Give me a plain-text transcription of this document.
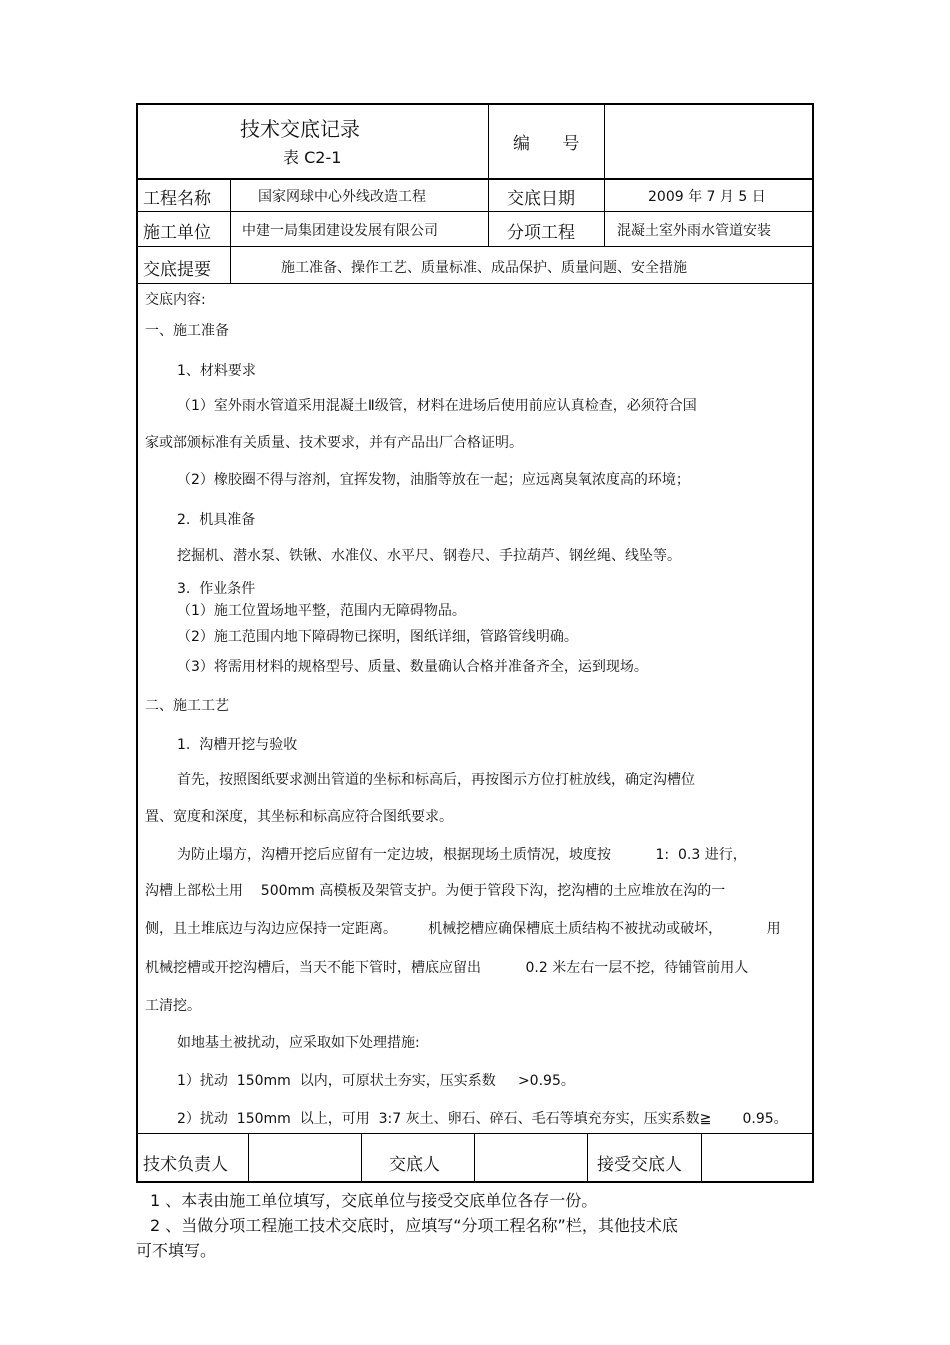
技术交底记录
表 C2-1
编      号
工程名称	国家网球中心外线改造工程	交底日期	2009 年 7 月 5 日
施工单位 中建一局集团建设发展有限公司	分项工程	混凝土室外雨水管道安装
交底提要	施工准备、操作工艺、质量标准、成品保护、质量问题、安全措施
交底内容:
一、施工准备
1、材料要求
（1）室外雨水管道采用混凝土Ⅱ级管，材料在进场后使用前应认真检查，必须符合国
家或部颁标准有关质量、技术要求，并有产品出厂合格证明。
（2）橡胶圈不得与溶剂，宜挥发物，油脂等放在一起；应远离臭氧浓度高的环境；
2.  机具准备
挖掘机、潜水泵、铁锹、水准仪、水平尺、钢卷尺、手拉葫芦、钢丝绳、线坠等。
3.  作业条件
（1）施工位置场地平整，范围内无障碍物品。
（2）施工范围内地下障碍物已探明，图纸详细，管路管线明确。
（3）将需用材料的规格型号、质量、数量确认合格并准备齐全，运到现场。
二、施工工艺
1.  沟槽开挖与验收
首先，按照图纸要求测出管道的坐标和标高后，再按图示方位打桩放线，确定沟槽位
置、宽度和深度，其坐标和标高应符合图纸要求。
为防止塌方，沟槽开挖后应留有一定边坡，根据现场土质情况，坡度按          1:  0.3 进行，
沟槽上部松土用    500mm 高模板及架管支护。为便于管段下沟，挖沟槽的土应堆放在沟的一
侧，且土堆底边与沟边应保持一定距离。       机械挖槽应确保槽底土质结构不被扰动或破坏，          用
机械挖槽或开挖沟槽后，当天不能下管时，槽底应留出          0.2 米左右一层不挖，待铺管前用人
工清挖。
如地基土被扰动，应采取如下处理措施:
1）扰动  150mm  以内，可原状土夯实，压实系数     >0.95。
2）扰动  150mm  以上，可用  3:7 灰土、卵石、碎石、毛石等填充夯实，压实系数≧       0.95。
技术负责人	交底人	接受交底人
1 、本表由施工单位填写，交底单位与接受交底单位各存一份。
2 、当做分项工程施工技术交底时，应填写“分项工程名称”栏，其他技术底
可不填写。
